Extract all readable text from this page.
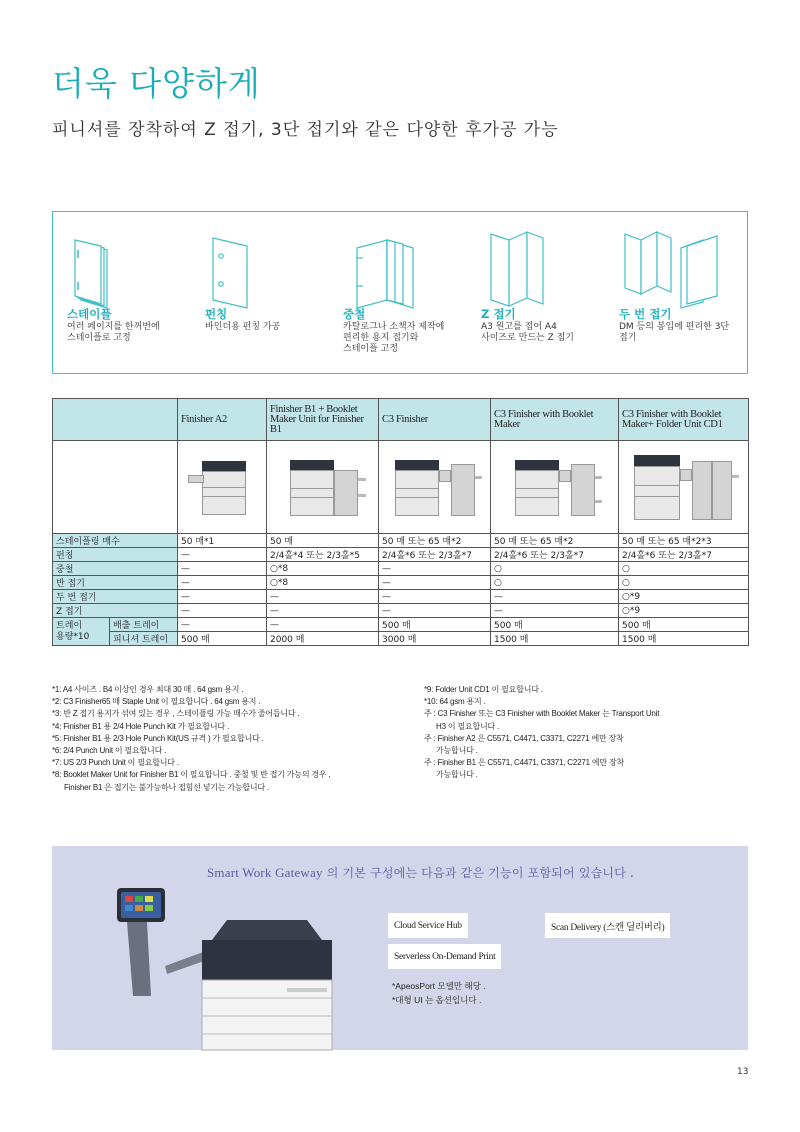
더욱 다양하게
피니셔를 장착하여 Z 접기, 3단 접기와 같은 다양한 후가공 가능
스테이플
여러 페이지를 한꺼번에
스테이플로 고정
펀칭
바인더용 펀칭 가공
중철
카탈로그나 소책자 제작에
편리한 용지 접기와
스테이플 고정
Z 접기
A3 원고를 접어 A4
사이즈로 만드는 Z 접기
두 번 접기
DM 등의 봉입에 편리한 3단
접기
		Finisher A2	Finisher B1 + Booklet Maker Unit for Finisher B1	C3 Finisher	C3 Finisher with Booklet Maker	C3 Finisher with Booklet Maker+ Folder Unit CD1

스테이플링 매수		50 매*1	50 매	50 매 또는 65 매*2	50 매 또는 65 매*2	50 매 또는 65 매*2*3
펀칭		—	2/4홀*4 또는 2/3홀*5	2/4홀*6 또는 2/3홀*7	2/4홀*6 또는 2/3홀*7	2/4홀*6 또는 2/3홀*7
중철		—	○*8	—	○	○
반 접기		—	○*8	—	○	○
두 번 접기		—	—	—	—	○*9
Z 접기		—	—	—	—	○*9
트레이
용량*10	배출 트레이	—	—	500 매	500 매	500 매
	피니셔 트레이	500 매	2000 매	3000 매	1500 매	1500 매
*1: A4 사이즈 . B4 이상인 경우 최대 30 매 . 64 gsm 용지 .
*2: C3 Finisher65 매 Staple Unit 이 필요합니다 . 64 gsm 용지 .
*3: 반 Z 접기 용지가 섞여 있는 경우 , 스테이플링 가능 매수가 줄어듭니다 .
*4: Finisher B1 용 2/4 Hole Punch Kit 가 필요합니다 .
*5: Finisher B1 용 2/3 Hole Punch Kit(US 규격 ) 가 필요합니다 .
*6: 2/4 Punch Unit 이 필요합니다 .
*7: US 2/3 Punch Unit 이 필요합니다 .
*8: Booklet Maker Unit for Finisher B1 이 필요합니다 . 중철 및 반 접기 가능의 경우 ,
Finisher B1 은 접기는 불가능하나 접힘선 넣기는 가능합니다 .
*9: Folder Unit CD1 이 필요합니다 .
*10: 64 gsm 용지 .
주 : C3 Finisher 또는 C3 Finisher with Booklet Maker 는 Transport Unit
H3 이 필요합니다 .
주 : Finisher A2 은 C5571, C4471, C3371, C2271 에만 장착
가능합니다 .
주 : Finisher B1 은 C5571, C4471, C3371, C2271 에만 장착
가능합니다 .
Smart Work Gateway 의 기본 구성에는 다음과 같은 기능이 포함되어 있습니다 .
Cloud Service Hub	Scan Delivery (스캔 딜리버리)
Serverless On-Demand Print
*ApeosPort 모델만 해당 .
*대형 UI 는 옵션입니다 .
13
